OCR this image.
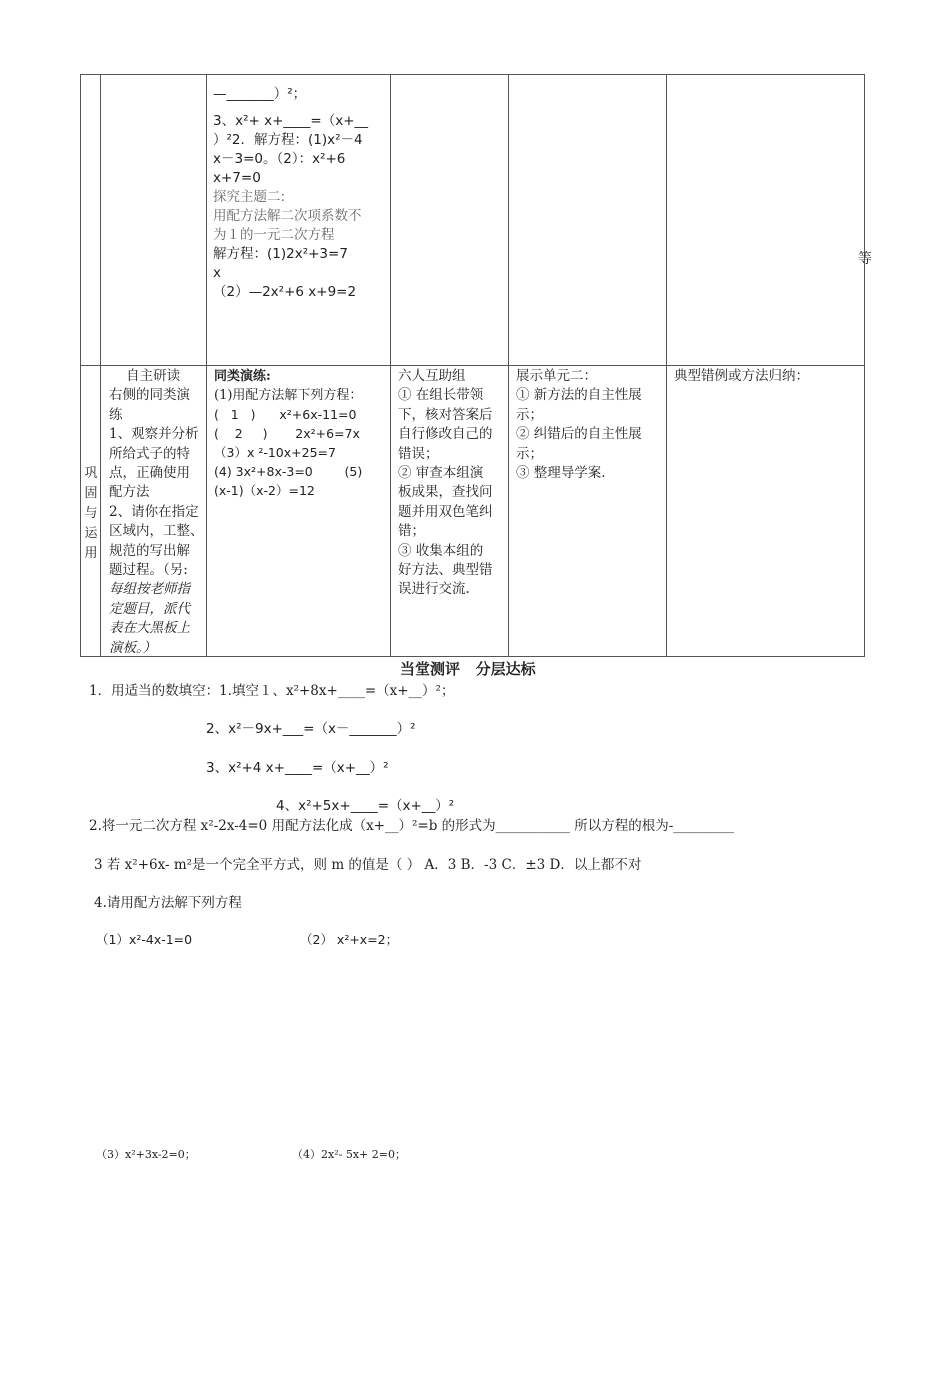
—_______）²；
3、x²+ x+____=（x+__
）²2．解方程：(1)x²－4
x－3=0。（2）：x²+6
x+7=0
探究主题二:
用配方法解二次项系数不
为１的一元二次方程
解方程：(1)2x²+3=7
x
（2）—2x²+6 x+9=2
等
巩
固
与
运
用
自主研读
右侧的同类演
练
1、观察并分析
所给式子的特
点，正确使用
配方法
2、请你在指定
区域内，工整、
规范的写出解
题过程。（另:
每组按老师指
定题目，派代
表在大黑板上
演板。）
同类演练:
(1)用配方法解下列方程：
(   1   )      x²+6x-11=0
(    2     )       2x²+6=7x
（3）x ²-10x+25=7
(4) 3x²+8x-3=0        (5)
(x-1)（x-2）=12
六人互助组
① 在组长带领
下，核对答案后
自行修改自己的
错误；
② 审查本组演
板成果，查找问
题并用双色笔纠
错；
③ 收集本组的
好方法、典型错
误进行交流.
展示单元二：
① 新方法的自主性展
示；
② 纠错后的自主性展
示；
③ 整理导学案.
典型错例或方法归纳：
当堂测评   分层达标
1．用适当的数填空：1.填空１、x²+8x+____=（x+__）²；
2、x²－9x+___=（x－_______）²
3、x²+4 x+____=（x+__）²
4、x²+5x+____=（x+__）²
2.将一元二次方程 x²-2x-4=0 用配方法化成（x+__）²=b 的形式为___________ 所以方程的根为-_________
3 若 x²+6x- m²是一个完全平方式，则 m 的值是（ ） A．3 B．-3 C．±3 D．以上都不对
4.请用配方法解下列方程
（1）x²-4x-1=0	（2） x²+x=2；
（3）x²+3x-2=0；	（4）2x²- 5x+ 2=0；
